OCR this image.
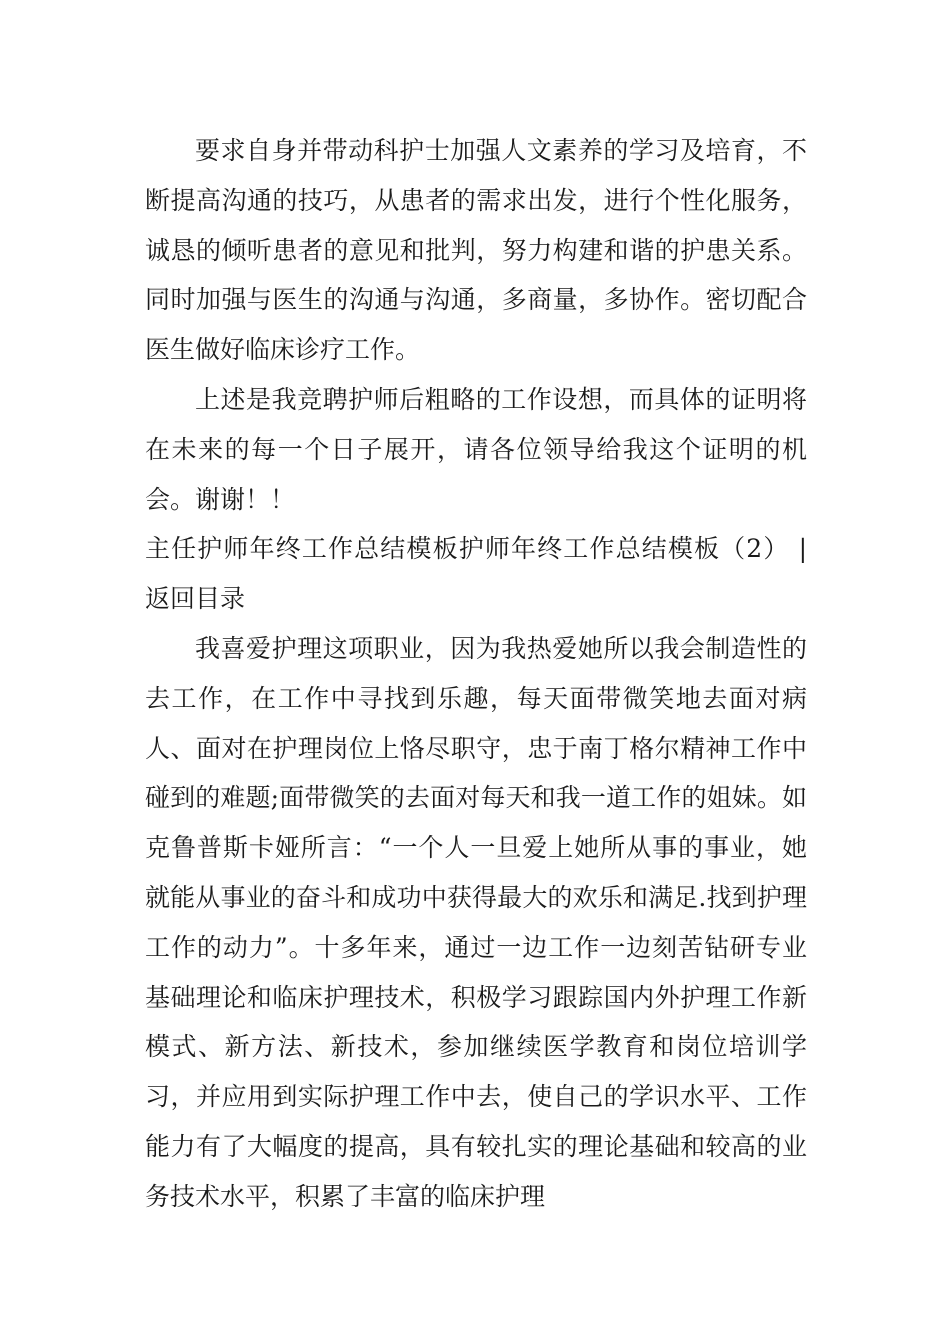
要求自身并带动科护士加强人文素养的学习及培育，不断提高沟通的技巧，从患者的需求出发，进行个性化服务，诚恳的倾听患者的意见和批判，努力构建和谐的护患关系。同时加强与医生的沟通与沟通，多商量，多协作。密切配合医生做好临床诊疗工作。

上述是我竞聘护师后粗略的工作设想，而具体的证明将在未来的每一个日子展开，请各位领导给我这个证明的机会。谢谢！！

主任护师年终工作总结模板护师年终工作总结模板（2） | 返回目录

我喜爱护理这项职业，因为我热爱她所以我会制造性的去工作，在工作中寻找到乐趣，每天面带微笑地去面对病人、面对在护理岗位上恪尽职守，忠于南丁格尔精神工作中碰到的难题;面带微笑的去面对每天和我一道工作的姐妹。如克鲁普斯卡娅所言：“一个人一旦爱上她所从事的事业，她就能从事业的奋斗和成功中获得最大的欢乐和满足.找到护理工作的动力”。十多年来，通过一边工作一边刻苦钻研专业基础理论和临床护理技术，积极学习跟踪国内外护理工作新模式、新方法、新技术，参加继续医学教育和岗位培训学习，并应用到实际护理工作中去，使自己的学识水平、工作能力有了大幅度的提高，具有较扎实的理论基础和较高的业务技术水平，积累了丰富的临床护理
